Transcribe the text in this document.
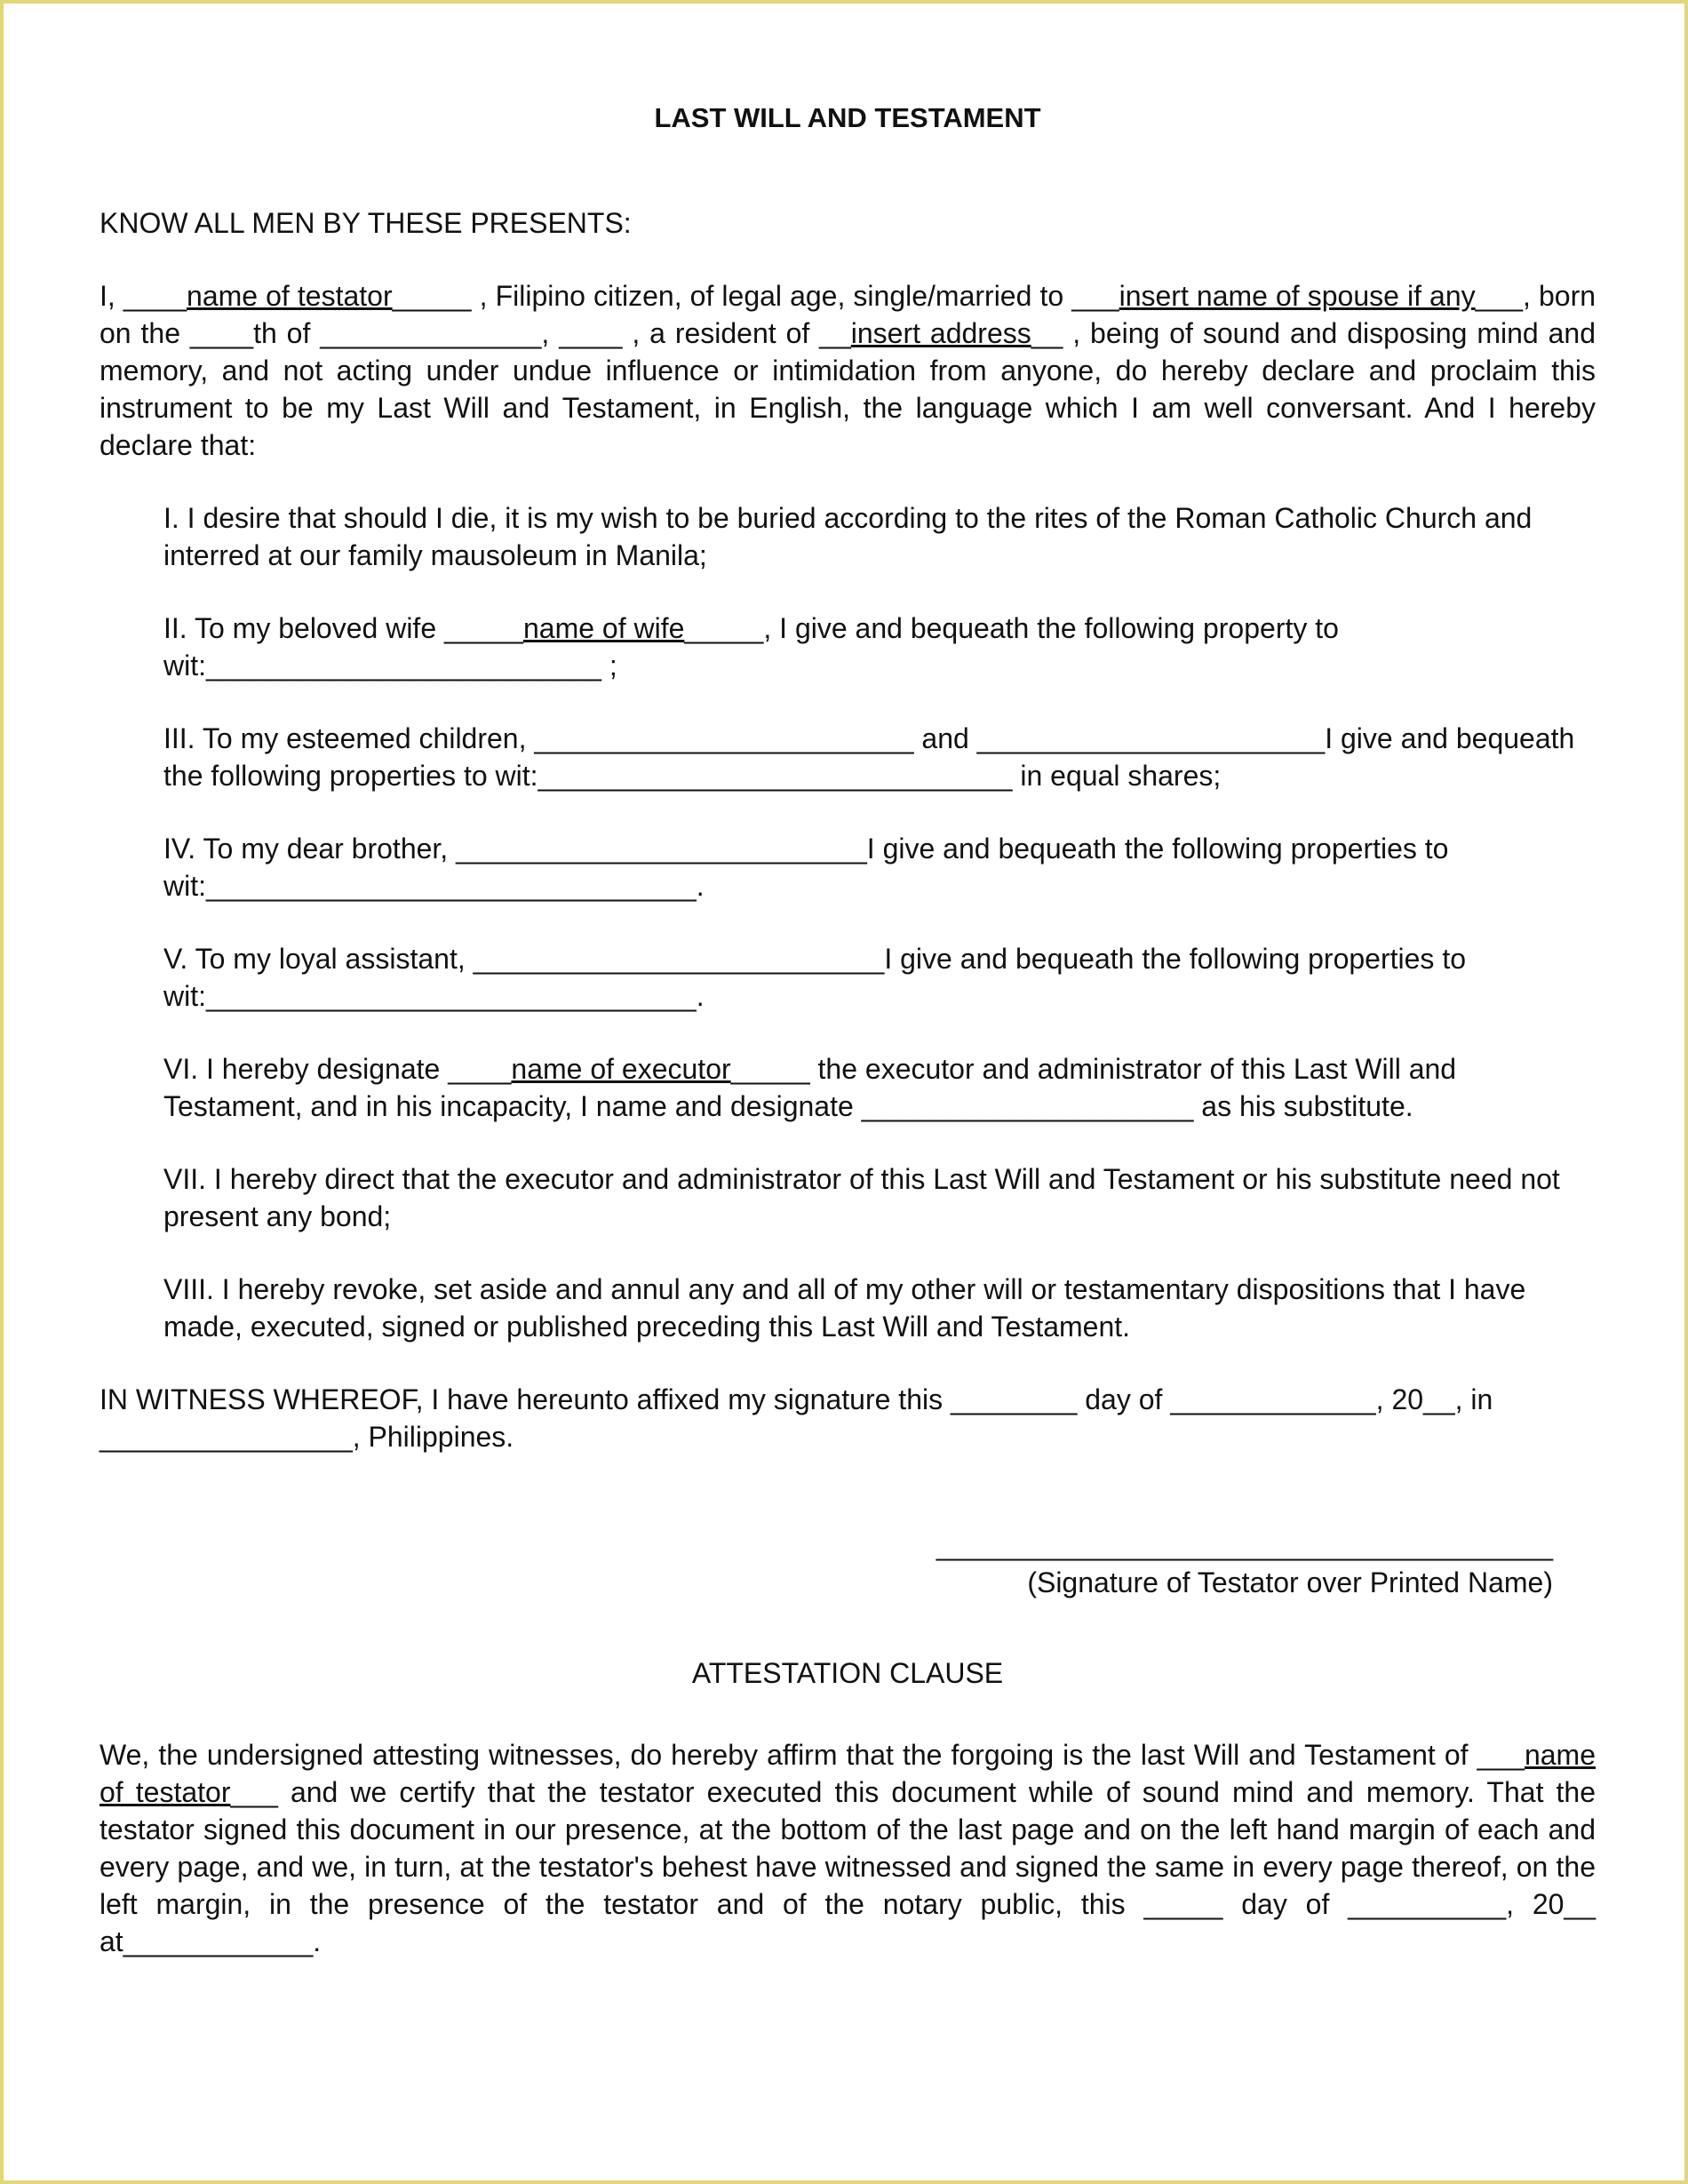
LAST WILL AND TESTAMENT

KNOW ALL MEN BY THESE PRESENTS:

I, ____name of testator_____ , Filipino citizen, of legal age, single/married to ___insert name of spouse if any___, born on the ____th of ______________, ____ , a resident of __insert address__ , being of sound and disposing mind and memory, and not acting under undue influence or intimidation from anyone, do hereby declare and proclaim this instrument to be my Last Will and Testament, in English, the language which I am well conversant. And I hereby declare that:

I. I desire that should I die, it is my wish to be buried according to the rites of the Roman Catholic Church and interred at our family mausoleum in Manila;

II. To my beloved wife _____name of wife_____, I give and bequeath the following property to wit:_________________________ ;

III. To my esteemed children, ________________________ and ______________________I give and bequeath the following properties to wit:______________________________ in equal shares;

IV. To my dear brother, __________________________I give and bequeath the following properties to wit:_______________________________.

V. To my loyal assistant, __________________________I give and bequeath the following properties to wit:_______________________________.

VI. I hereby designate ____name of executor_____ the executor and administrator of this Last Will and Testament, and in his incapacity, I name and designate _____________________ as his substitute.

VII. I hereby direct that the executor and administrator of this Last Will and Testament or his substitute need not present any bond;

VIII. I hereby revoke, set aside and annul any and all of my other will or testamentary dispositions that I have made, executed, signed or published preceding this Last Will and Testament.

IN WITNESS WHEREOF, I have hereunto affixed my signature this ________ day of _____________, 20__, in ________________, Philippines.

_______________________________________
(Signature of Testator over Printed Name)

ATTESTATION CLAUSE

We, the undersigned attesting witnesses, do hereby affirm that the forgoing is the last Will and Testament of ___name of testator___ and we certify that the testator executed this document while of sound mind and memory. That the testator signed this document in our presence, at the bottom of the last page and on the left hand margin of each and every page, and we, in turn, at the testator's behest have witnessed and signed the same in every page thereof, on the left margin, in the presence of the testator and of the notary public, this _____ day of __________, 20__ at____________.
